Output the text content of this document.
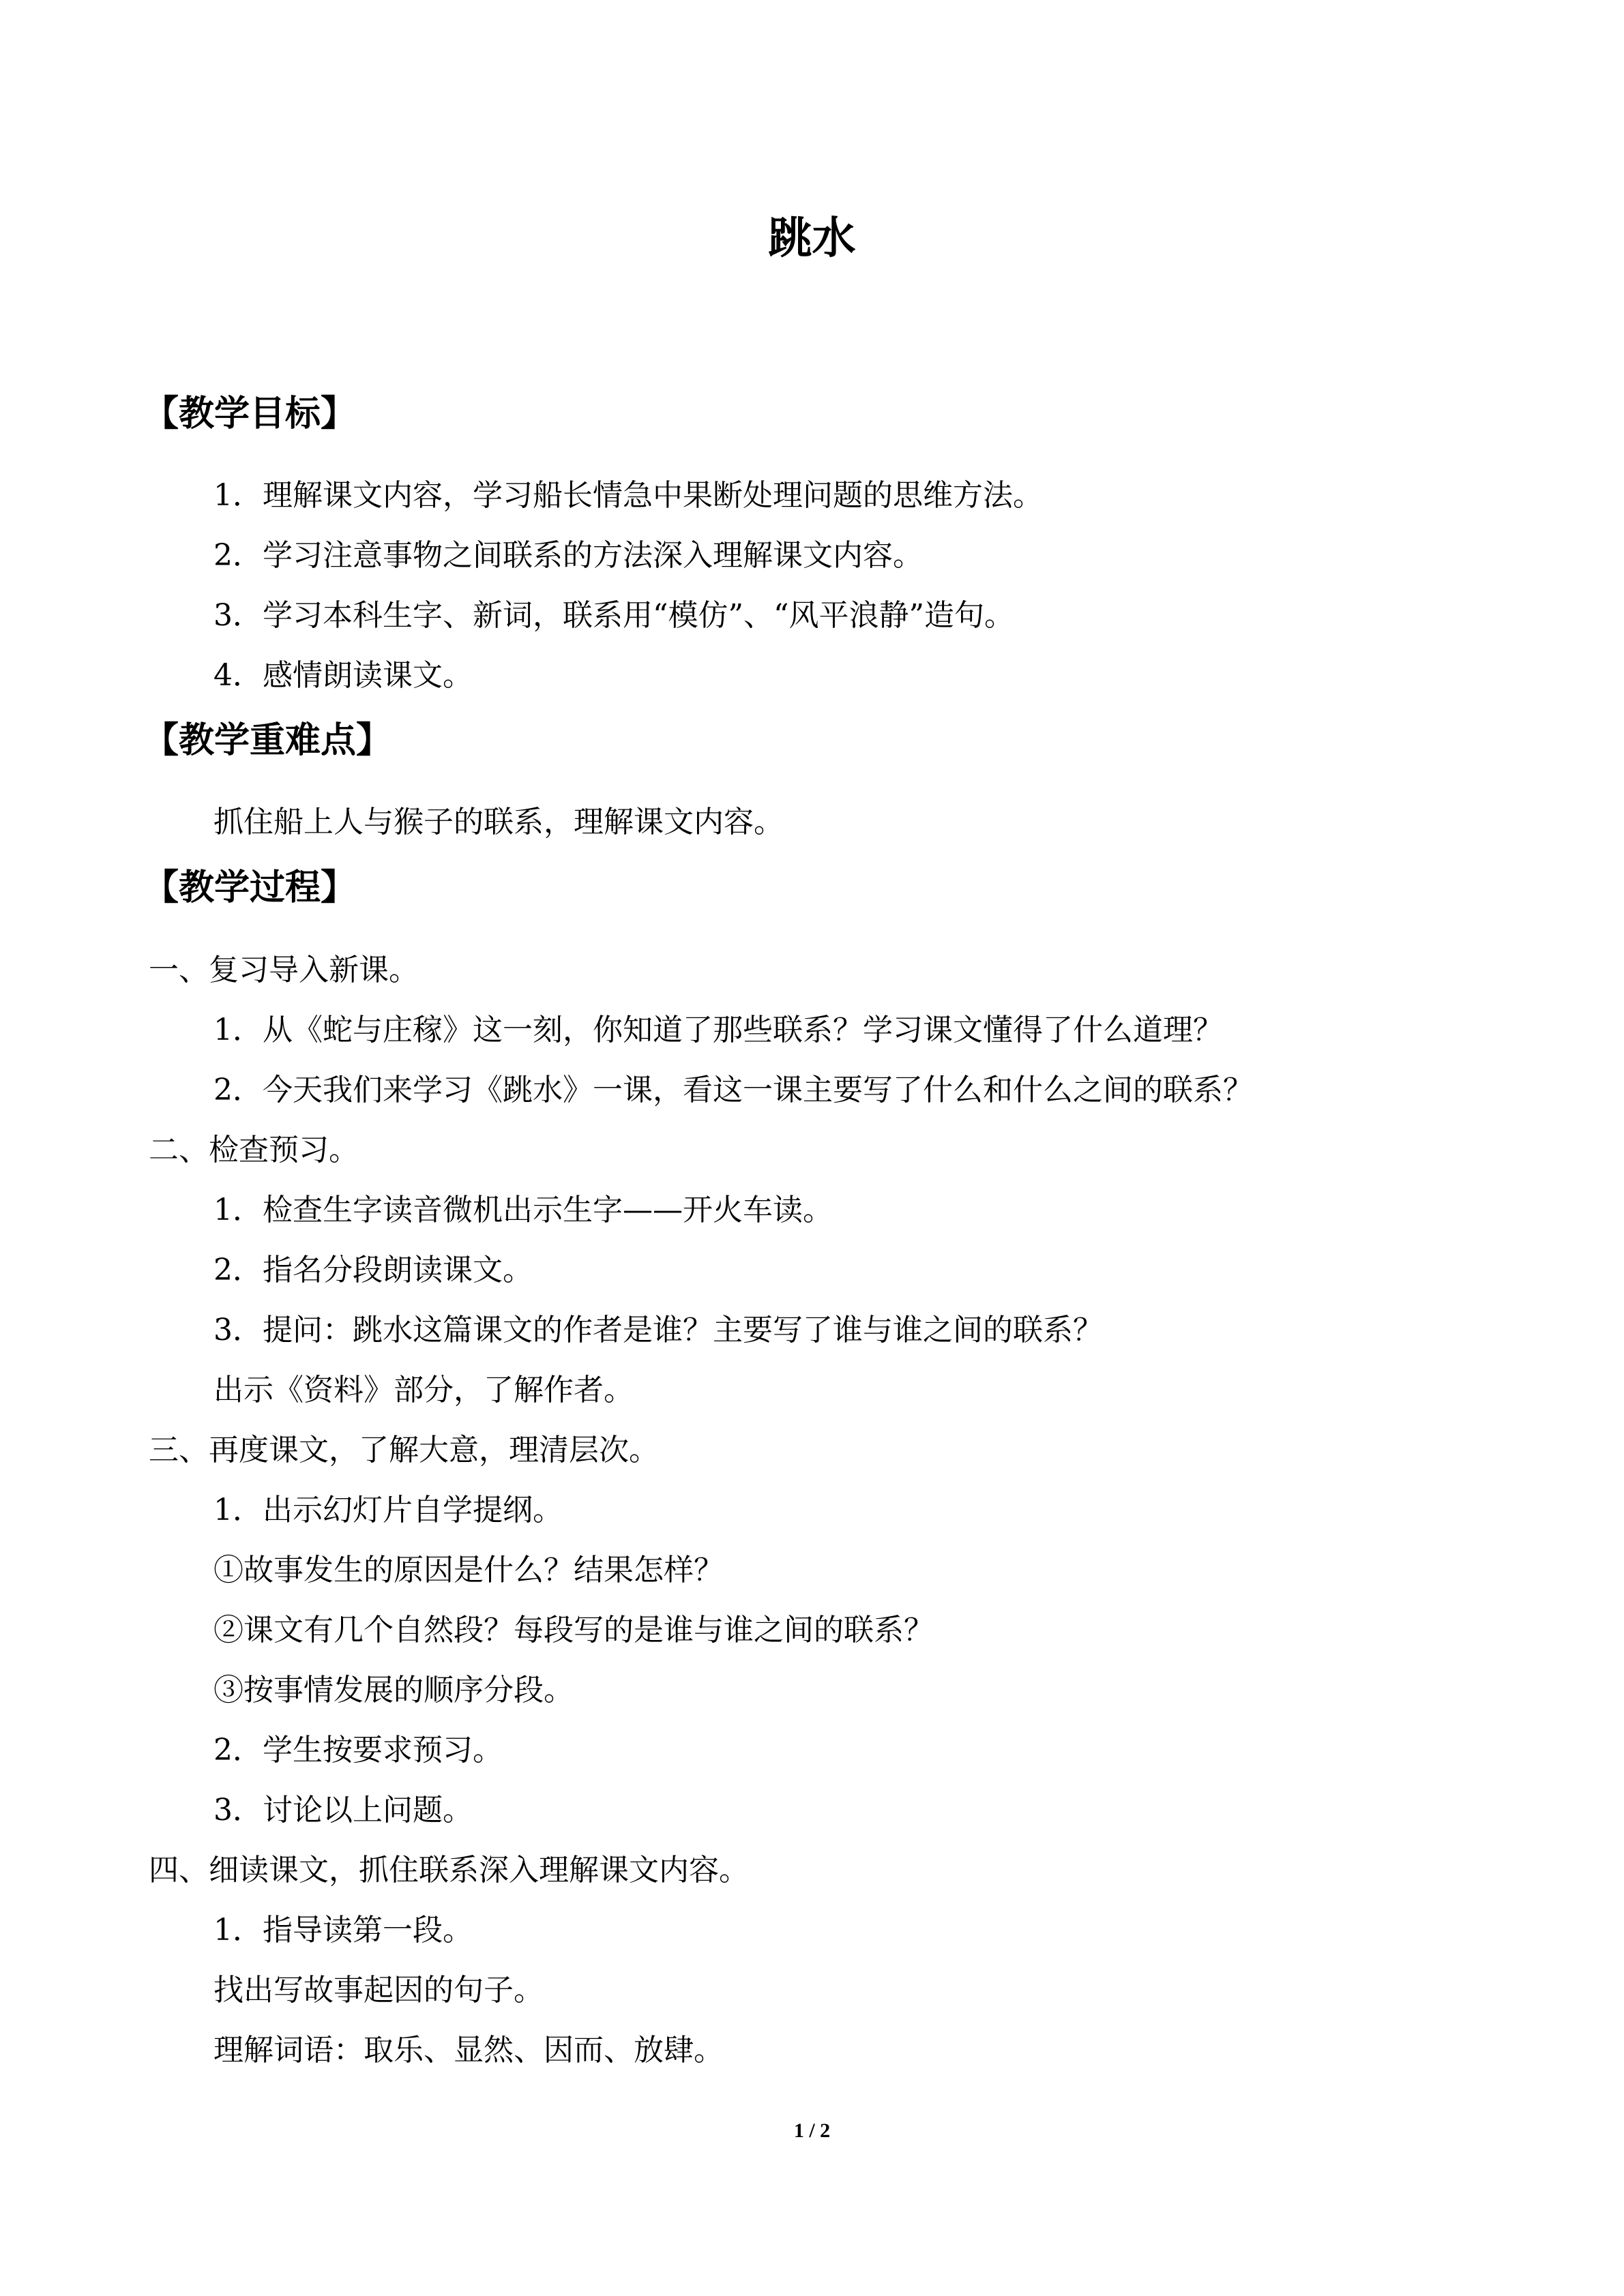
跳水
【教学目标】
1．理解课文内容，学习船长情急中果断处理问题的思维方法。
2．学习注意事物之间联系的方法深入理解课文内容。
3．学习本科生字、新词，联系用“模仿”、“风平浪静”造句。
4．感情朗读课文。
【教学重难点】
抓住船上人与猴子的联系，理解课文内容。
【教学过程】
一、复习导入新课。
1．从《蛇与庄稼》这一刻，你知道了那些联系？学习课文懂得了什么道理？
2．今天我们来学习《跳水》一课，看这一课主要写了什么和什么之间的联系？
二、检查预习。
1．检查生字读音微机出示生字——开火车读。
2．指名分段朗读课文。
3．提问：跳水这篇课文的作者是谁？主要写了谁与谁之间的联系？
出示《资料》部分，了解作者。
三、再度课文，了解大意，理清层次。
1．出示幻灯片自学提纲。
①故事发生的原因是什么？结果怎样？
②课文有几个自然段？每段写的是谁与谁之间的联系？
③按事情发展的顺序分段。
2．学生按要求预习。
3．讨论以上问题。
四、细读课文，抓住联系深入理解课文内容。
1．指导读第一段。
找出写故事起因的句子。
理解词语：取乐、显然、因而、放肆。
1 / 2
